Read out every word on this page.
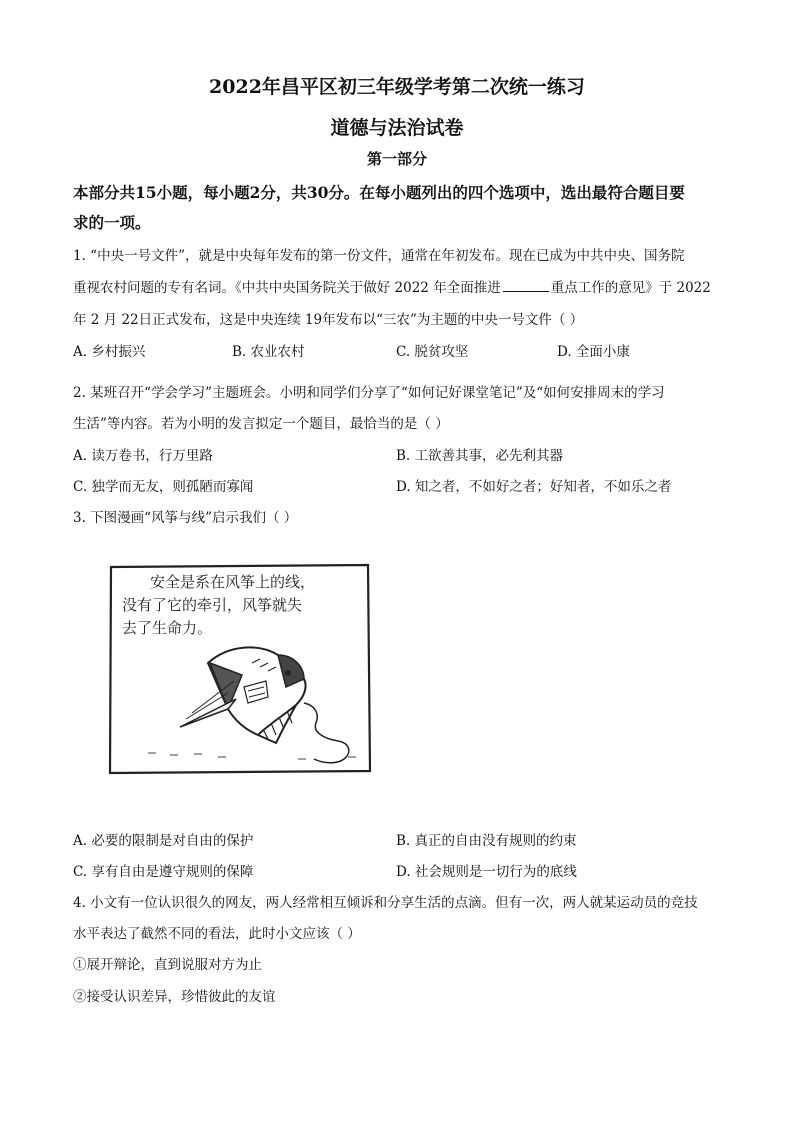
2022年昌平区初三年级学考第二次统一练习
道德与法治试卷
第一部分
本部分共15小题，每小题2分，共30分。在每小题列出的四个选项中，选出最符合题目要
求的一项。
1. “中央一号文件”，就是中央每年发布的第一份文件，通常在年初发布。现在已成为中共中央、国务院
重视农村问题的专有名词。《中共中央国务院关于做好 2022 年全面推进	重点工作的意见》于 2022
年 2 月 22日正式发布，这是中央连续 19年发布以“三农”为主题的中央一号文件（ ）
A. 乡村振兴	B. 农业农村	C. 脱贫攻坚	D. 全面小康
2. 某班召开“学会学习”主题班会。小明和同学们分享了“如何记好课堂笔记”及“如何安排周末的学习
生活”等内容。若为小明的发言拟定一个题目，最恰当的是（ ）
A. 读万卷书，行万里路	B. 工欲善其事，必先利其器
C. 独学而无友，则孤陋而寡闻	D. 知之者，不如好之者；好知者，不如乐之者
3. 下图漫画“风筝与线”启示我们（ ）
安全是系在风筝上的线，
没有了它的牵引，风筝就失
去了生命力。
A. 必要的限制是对自由的保护	B. 真正的自由没有规则的约束
C. 享有自由是遵守规则的保障	D. 社会规则是一切行为的底线
4. 小文有一位认识很久的网友，两人经常相互倾诉和分享生活的点滴。但有一次，两人就某运动员的竞技
水平表达了截然不同的看法，此时小文应该（ ）
①展开辩论，直到说服对方为止
②接受认识差异，珍惜彼此的友谊
